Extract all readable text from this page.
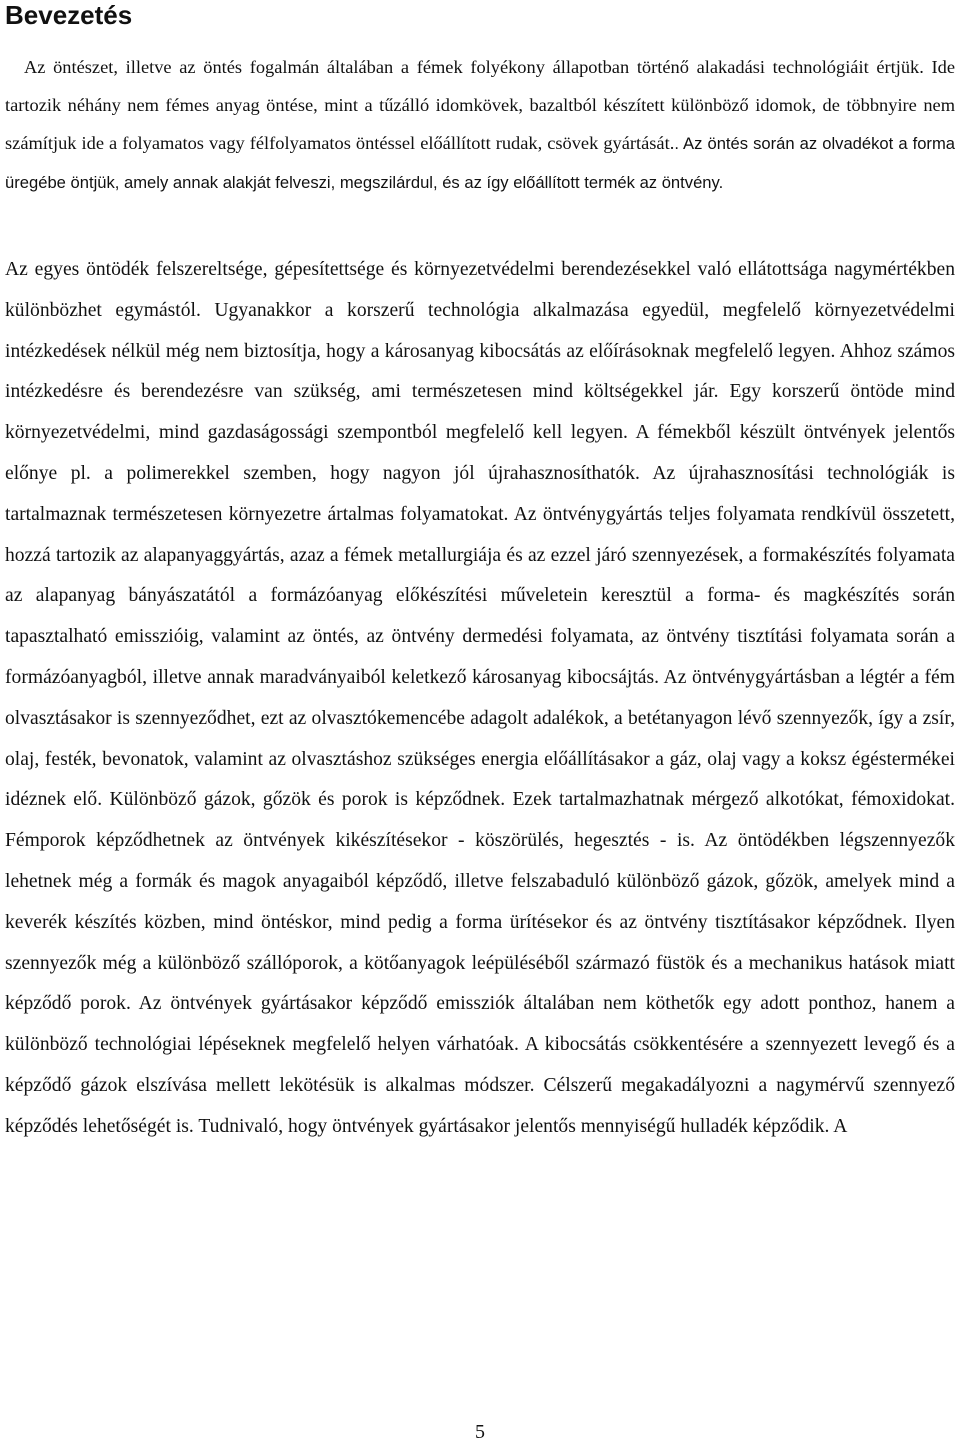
Bevezetés

Az öntészet, illetve az öntés fogalmán általában a fémek folyékony állapotban történő alakadási technológiáit értjük. Ide tartozik néhány nem fémes anyag öntése, mint a tűzálló idomkövek, bazaltból készített különböző idomok, de többnyire nem számítjuk ide a folyamatos vagy félfolyamatos öntéssel előállított rudak, csövek gyártását.. Az öntés során az olvadékot a forma üregébe öntjük, amely annak alakját felveszi, megszilárdul, és az így előállított termék az öntvény.

Az egyes öntödék felszereltsége, gépesítettsége és környezetvédelmi berendezésekkel való ellátottsága nagymértékben különbözhet egymástól. Ugyanakkor a korszerű technológia alkalmazása egyedül, megfelelő környezetvédelmi intézkedések nélkül még nem biztosítja, hogy a károsanyag kibocsátás az előírásoknak megfelelő legyen. Ahhoz számos intézkedésre és berendezésre van szükség, ami természetesen mind költségekkel jár. Egy korszerű öntöde mind környezetvédelmi, mind gazdaságossági szempontból megfelelő kell legyen. A fémekből készült öntvények jelentős előnye pl. a polimerekkel szemben, hogy nagyon jól újrahasznosíthatók. Az újrahasznosítási technológiák is tartalmaznak természetesen környezetre ártalmas folyamatokat. Az öntvénygyártás teljes folyamata rendkívül összetett, hozzá tartozik az alapanyaggyártás, azaz a fémek metallurgiája és az ezzel járó szennyezések, a formakészítés folyamata az alapanyag bányászatától a formázóanyag előkészítési műveletein keresztül a forma- és magkészítés során tapasztalható emisszióig, valamint az öntés, az öntvény dermedési folyamata, az öntvény tisztítási folyamata során a formázóanyagból, illetve annak maradványaiból keletkező károsanyag kibocsájtás. Az öntvénygyártásban a légtér a fém olvasztásakor is szennyeződhet, ezt az olvasztókemencébe adagolt adalékok, a betétanyagon lévő szennyezők, így a zsír, olaj, festék, bevonatok, valamint az olvasztáshoz szükséges energia előállításakor a gáz, olaj vagy a koksz égéstermékei idéznek elő. Különböző gázok, gőzök és porok is képződnek. Ezek tartalmazhatnak mérgező alkotókat, fémoxidokat. Fémporok képződhetnek az öntvények kikészítésekor - köszörülés, hegesztés - is. Az öntödékben légszennyezők lehetnek még a formák és magok anyagaiból képződő, illetve felszabaduló különböző gázok, gőzök, amelyek mind a keverék készítés közben, mind öntéskor, mind pedig a forma ürítésekor és az öntvény tisztításakor képződnek. Ilyen szennyezők még a különböző szállóporok, a kötőanyagok leépüléséből származó füstök és a mechanikus hatások miatt képződő porok. Az öntvények gyártásakor képződő emissziók általában nem köthetők egy adott ponthoz, hanem a különböző technológiai lépéseknek megfelelő helyen várhatóak. A kibocsátás csökkentésére a szennyezett levegő és a képződő gázok elszívása mellett lekötésük is alkalmas módszer. Célszerű megakadályozni a nagymérvű szennyező képződés lehetőségét is. Tudnivaló, hogy öntvények gyártásakor jelentős mennyiségű hulladék képződik. A

5
